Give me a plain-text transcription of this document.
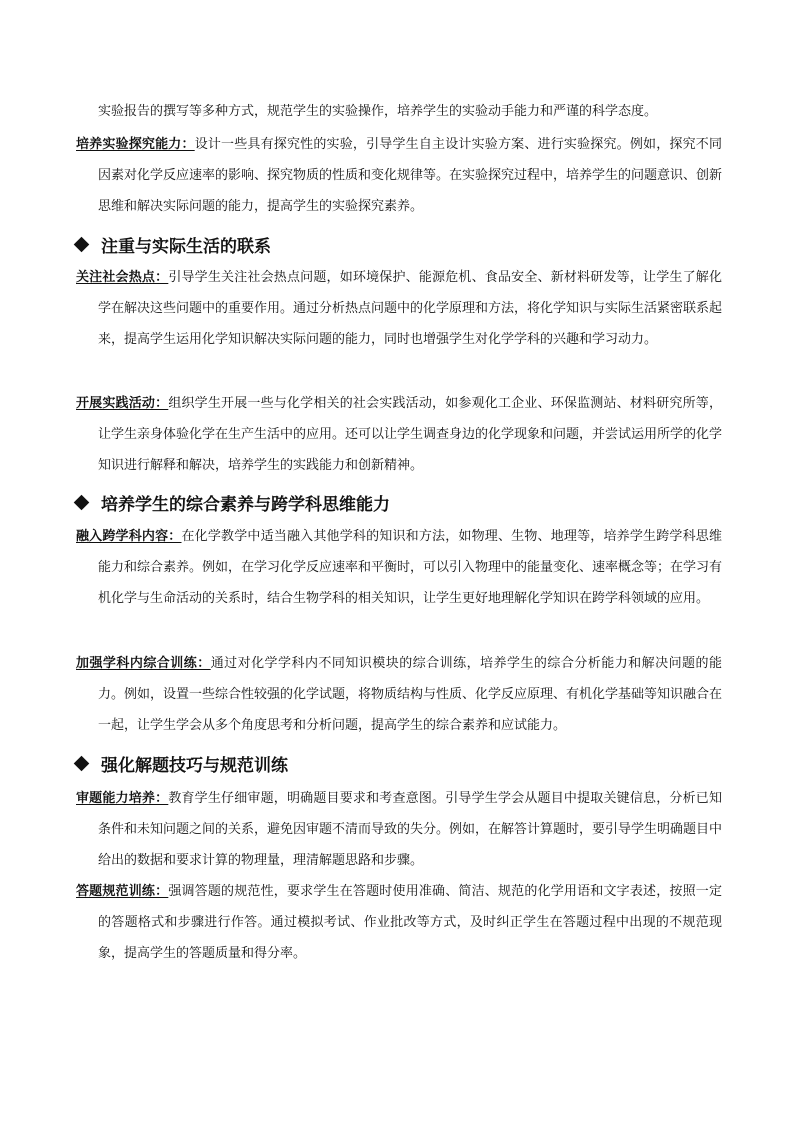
实验报告的撰写等多种方式，规范学生的实验操作，培养学生的实验动手能力和严谨的科学态度。
培养实验探究能力：设计一些具有探究性的实验，引导学生自主设计实验方案、进行实验探究。例如，探究不同因素对化学反应速率的影响、探究物质的性质和变化规律等。在实验探究过程中，培养学生的问题意识、创新思维和解决实际问题的能力，提高学生的实验探究素养。
注重与实际生活的联系
关注社会热点：引导学生关注社会热点问题，如环境保护、能源危机、食品安全、新材料研发等，让学生了解化学在解决这些问题中的重要作用。通过分析热点问题中的化学原理和方法，将化学知识与实际生活紧密联系起来，提高学生运用化学知识解决实际问题的能力，同时也增强学生对化学学科的兴趣和学习动力。
开展实践活动：组织学生开展一些与化学相关的社会实践活动，如参观化工企业、环保监测站、材料研究所等，让学生亲身体验化学在生产生活中的应用。还可以让学生调查身边的化学现象和问题，并尝试运用所学的化学知识进行解释和解决，培养学生的实践能力和创新精神。
培养学生的综合素养与跨学科思维能力
融入跨学科内容：在化学教学中适当融入其他学科的知识和方法，如物理、生物、地理等，培养学生跨学科思维能力和综合素养。例如，在学习化学反应速率和平衡时，可以引入物理中的能量变化、速率概念等；在学习有机化学与生命活动的关系时，结合生物学科的相关知识，让学生更好地理解化学知识在跨学科领域的应用。
加强学科内综合训练：通过对化学学科内不同知识模块的综合训练，培养学生的综合分析能力和解决问题的能力。例如，设置一些综合性较强的化学试题，将物质结构与性质、化学反应原理、有机化学基础等知识融合在一起，让学生学会从多个角度思考和分析问题，提高学生的综合素养和应试能力。
强化解题技巧与规范训练
审题能力培养：教育学生仔细审题，明确题目要求和考查意图。引导学生学会从题目中提取关键信息，分析已知条件和未知问题之间的关系，避免因审题不清而导致的失分。例如，在解答计算题时，要引导学生明确题目中给出的数据和要求计算的物理量，理清解题思路和步骤。
答题规范训练：强调答题的规范性，要求学生在答题时使用准确、简洁、规范的化学用语和文字表述，按照一定的答题格式和步骤进行作答。通过模拟考试、作业批改等方式，及时纠正学生在答题过程中出现的不规范现象，提高学生的答题质量和得分率。
